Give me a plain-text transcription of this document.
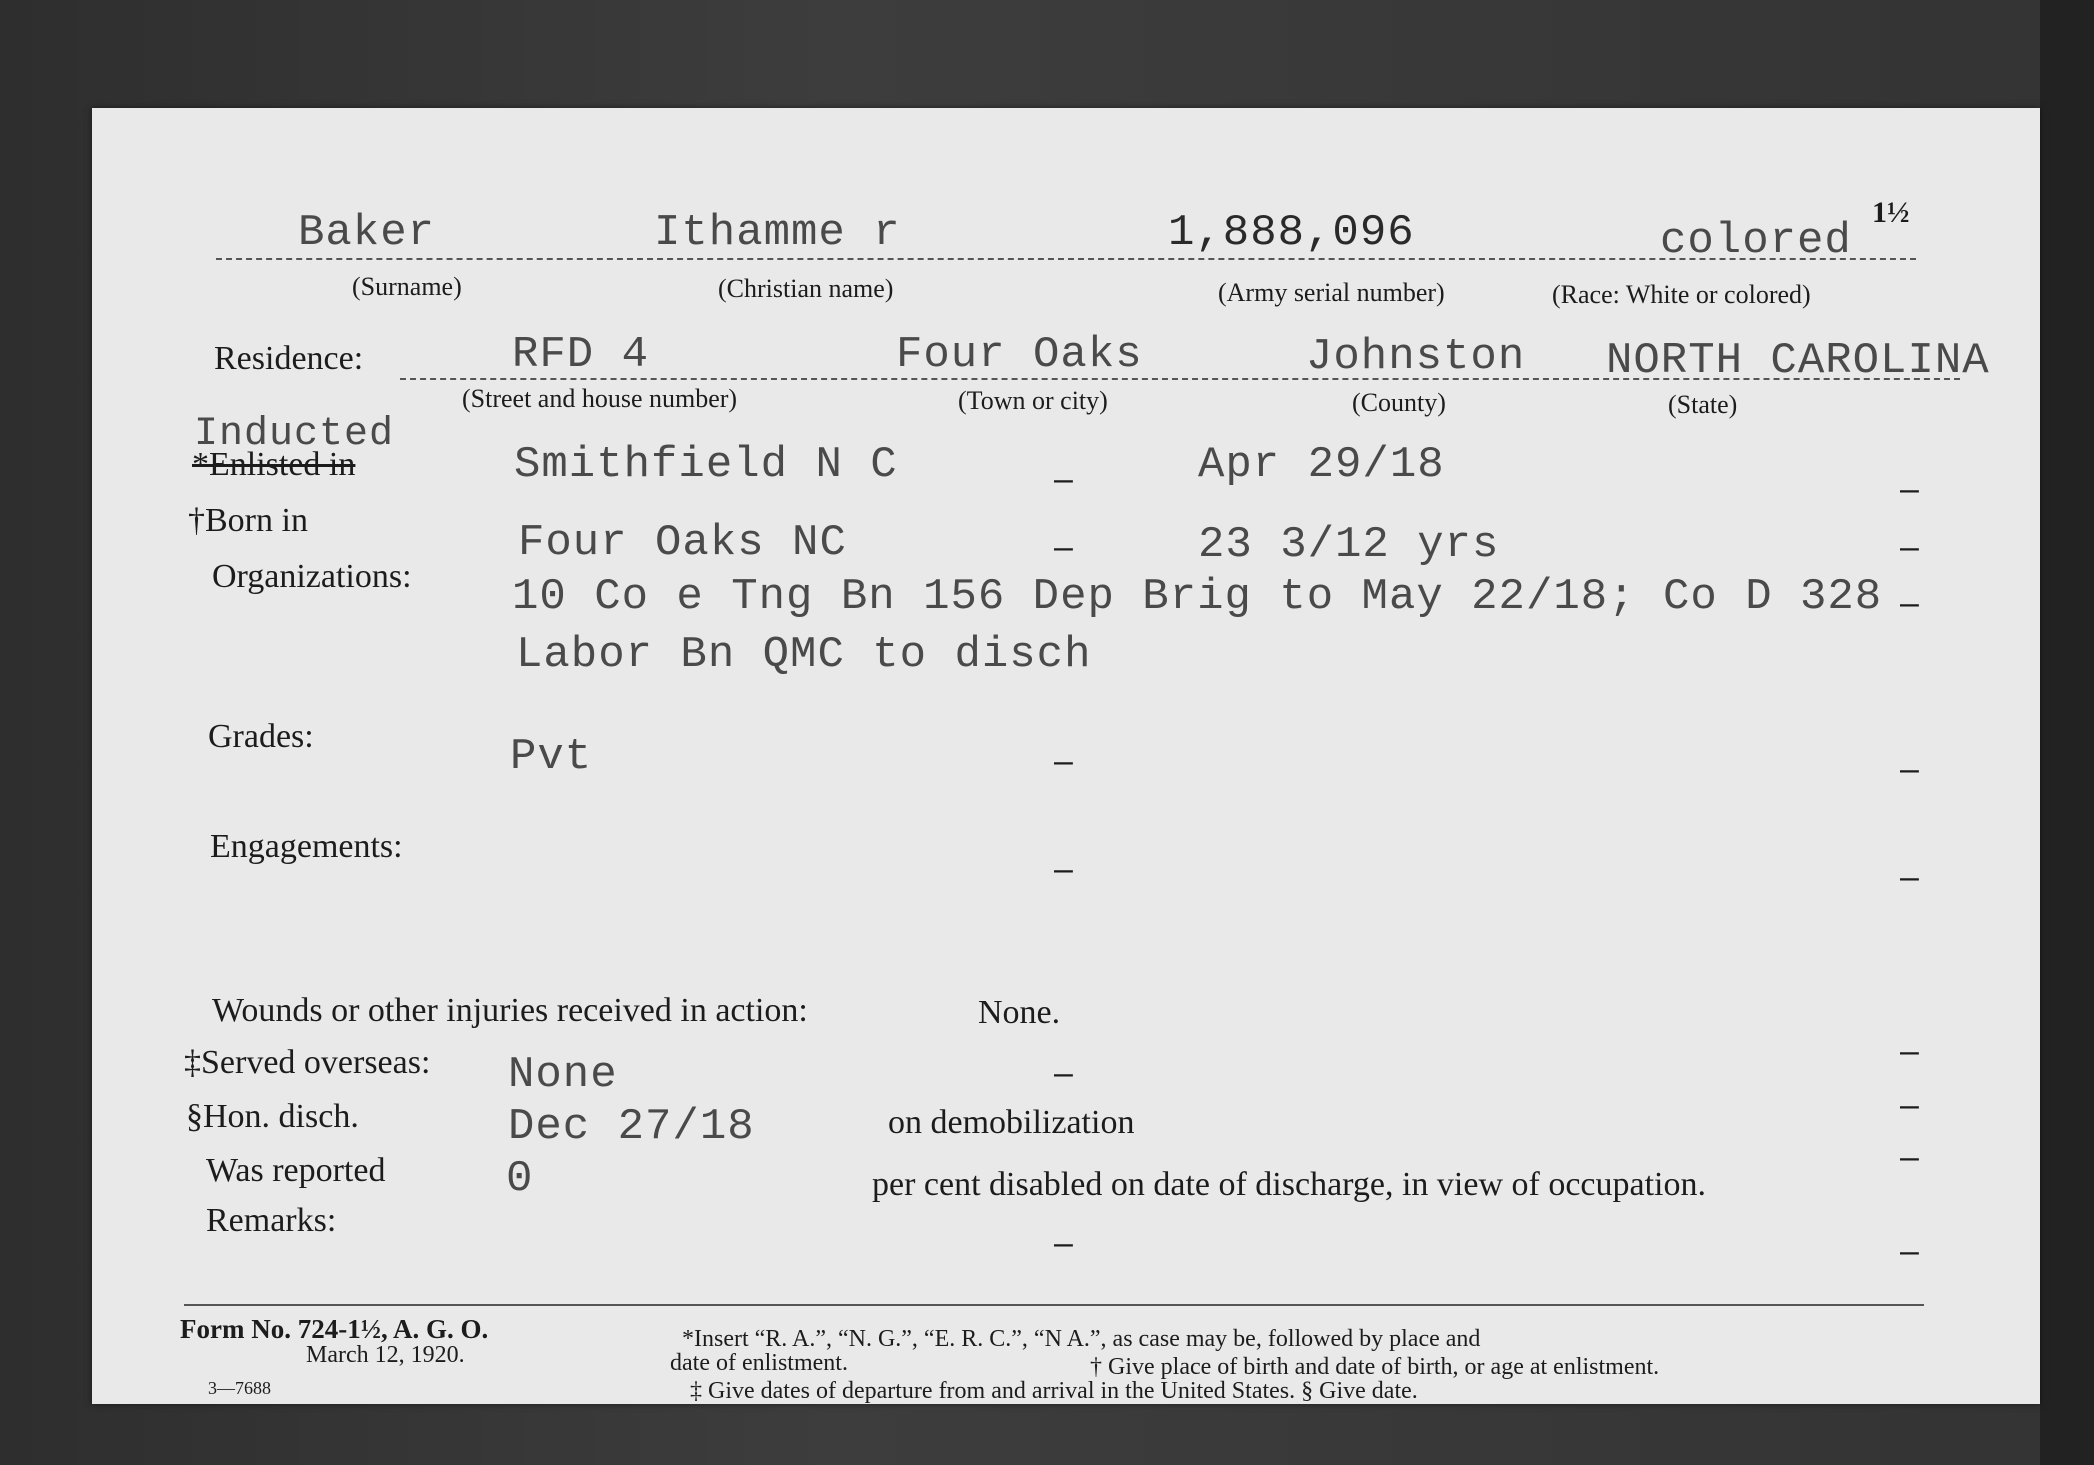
Baker	Ithamme r	1,888,096	colored
1½
(Surname)	(Christian name)	(Army serial number)	(Race: White or colored)
Residence:	RFD 4	Four Oaks	Johnston NORTH CAROLINA
(Street and house number)	(Town or city)	(County)	(State)
Inducted
*Enlisted in	Smithfield N C	–	Apr 29/18	–
†Born in	Four Oaks NC	–	23 3/12 yrs	–
Organizations: 10 Co e Tng Bn 156 Dep Brig to May 22/18; Co D 328 –
Labor Bn QMC to disch
Grades:	Pvt	–	–
Engagements:
–	–
Wounds or other injuries received in action:	None.
‡Served overseas: None	–
–
§Hon. disch.	Dec 27/18	on demobilization	–
Was reported	0	per cent disabled on date of discharge, in view of occupation.
–
Remarks:
–	–
Form No. 724-1½, A. G. O.
March 12, 1920.
3—7688
*Insert “R. A.”, “N. G.”, “E. R. C.”, “N A.”, as case may be, followed by place and
date of enlistment.	† Give place of birth and date of birth, or age at enlistment.
‡ Give dates of departure from and arrival in the United States. § Give date.
